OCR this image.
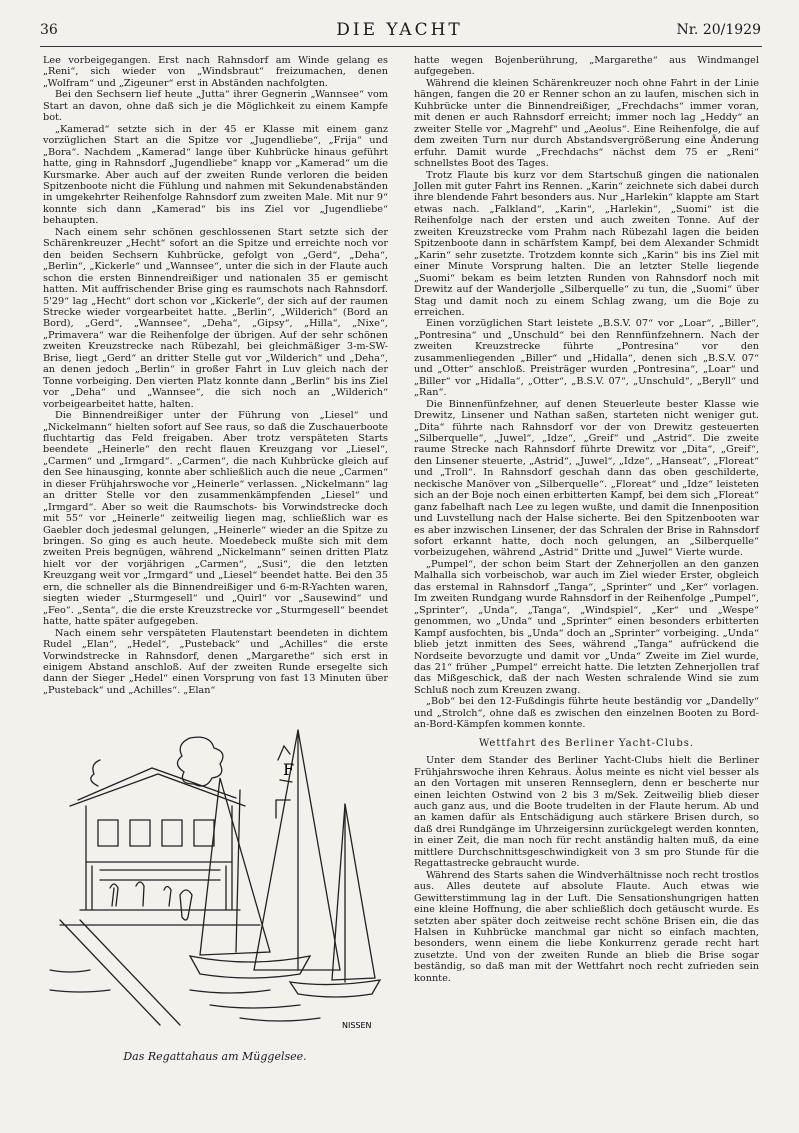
36	DIE YACHT	Nr. 20/1929

Lee vorbeigegangen. Erst nach Rahnsdorf am Winde gelang es „Reni“, sich wieder von „Windsbraut“ freizumachen, denen „Wolfram“ und „Zigeuner“ erst in Abständen nachfolgten.

Bei den Sechsern lief heute „Jutta“ ihrer Gegnerin „Wannsee“ vom Start an davon, ohne daß sich je die Möglichkeit zu einem Kampfe bot.

„Kamerad“ setzte sich in der 45 er Klasse mit einem ganz vorzüglichen Start an die Spitze vor „Jugendliebe“, „Frija“ und „Bora“. Nachdem „Kamerad“ lange über Kuhbrücke hinaus geführt hatte, ging in Rahnsdorf „Jugendliebe“ knapp vor „Kamerad“ um die Kursmarke. Aber auch auf der zweiten Runde verloren die beiden Spitzenboote nicht die Fühlung und nahmen mit Sekundenabständen in umgekehrter Reihenfolge Rahnsdorf zum zweiten Male. Mit nur 9“ konnte sich dann „Kamerad“ bis ins Ziel vor „Jugendliebe“ behaupten.

Nach einem sehr schönen geschlossenen Start setzte sich der Schärenkreuzer „Hecht“ sofort an die Spitze und erreichte noch vor den beiden Sechsern Kuhbrücke, gefolgt von „Gerd“, „Deha“, „Berlin“, „Kickerle“ und „Wannsee“, unter die sich in der Flaute auch schon die ersten Binnendreißiger und nationalen 35 er gemischt hatten. Mit auffrischender Brise ging es raumschots nach Rahnsdorf. 5'29“ lag „Hecht“ dort schon vor „Kickerle“, der sich auf der raumen Strecke wieder vorgearbeitet hatte. „Berlin“, „Wilderich“ (Bord an Bord), „Gerd“, „Wannsee“, „Deha“, „Gipsy“, „Hilla“, „Nixe“, „Primavera“ war die Reihenfolge der übrigen. Auf der sehr schönen zweiten Kreuzstrecke nach Rübezahl, bei gleichmäßiger 3-m-SW-Brise, liegt „Gerd“ an dritter Stelle gut vor „Wilderich“ und „Deha“, an denen jedoch „Berlin“ in großer Fahrt in Luv gleich nach der Tonne vorbeiging. Den vierten Platz konnte dann „Berlin“ bis ins Ziel vor „Deha“ und „Wannsee“, die sich noch an „Wilderich“ vorbeigearbeitet hatte, halten.

Die Binnendreißiger unter der Führung von „Liesel“ und „Nickelmann“ hielten sofort auf See raus, so daß die Zuschauerboote fluchtartig das Feld freigaben. Aber trotz verspäteten Starts beendete „Heinerle“ den recht flauen Kreuzgang vor „Liesel“, „Carmen“ und „Irmgard“. „Carmen“, die nach Kuhbrücke gleich auf den See hinausging, konnte aber schließlich auch die neue „Carmen“ in dieser Frühjahrswoche vor „Heinerle“ verlassen. „Nickelmann“ lag an dritter Stelle vor den zusammenkämpfenden „Liesel“ und „Irmgard“. Aber so weit die Raumschots- bis Vorwindstrecke doch mit 55“ vor „Heinerle“ zeitweilig liegen mag, schließlich war es Gaebler doch jedesmal gelungen, „Heinerle“ wieder an die Spitze zu bringen. So ging es auch heute. Moedebeck mußte sich mit dem zweiten Preis begnügen, während „Nickelmann“ seinen dritten Platz hielt vor der vorjährigen „Carmen“, „Susi“, die den letzten Kreuzgang weit vor „Irmgard“ und „Liesel“ beendet hatte. Bei den 35 ern, die schneller als die Binnendreißiger und 6-m-R-Yachten waren, siegten wieder „Sturmgesell“ und „Quirl“ vor „Sausewind“ und „Feo“. „Senta“, die die erste Kreuzstrecke vor „Sturmgesell“ beendet hatte, hatte später aufgegeben.

Nach einem sehr verspäteten Flautenstart beendeten in dichtem Rudel „Elan“, „Hedel“, „Pusteback“ und „Achilles“ die erste Vorwindstrecke in Rahnsdorf, denen „Margarethe“ sich erst in einigem Abstand anschloß. Auf der zweiten Runde ersegelte sich dann der Sieger „Hedel“ einen Vorsprung von fast 13 Minuten über „Pusteback“ und „Achilles“. „Elan“

NISSEN
F
Das Regattahaus am Müggelsee.

hatte wegen Bojenberührung, „Margarethe“ aus Windmangel aufgegeben.

Während die kleinen Schärenkreuzer noch ohne Fahrt in der Linie hängen, fangen die 20 er Renner schon an zu laufen, mischen sich in Kuhbrücke unter die Binnendreißiger, „Frechdachs“ immer voran, mit denen er auch Rahnsdorf erreicht; immer noch lag „Heddy“ an zweiter Stelle vor „Magrehf“ und „Aeolus“. Eine Reihenfolge, die auf dem zweiten Turn nur durch Abstandsvergrößerung eine Änderung erfuhr. Damit wurde „Frechdachs“ nächst dem 75 er „Reni“ schnellstes Boot des Tages.

Trotz Flaute bis kurz vor dem Startschuß gingen die nationalen Jollen mit guter Fahrt ins Rennen. „Karin“ zeichnete sich dabei durch ihre blendende Fahrt besonders aus. Nur „Harlekin“ klappte am Start etwas nach. „Falkland“, „Karin“, „Harlekin“, „Suomi“ ist die Reihenfolge nach der ersten und auch zweiten Tonne. Auf der zweiten Kreuzstrecke vom Prahm nach Rübezahl lagen die beiden Spitzenboote dann in schärfstem Kampf, bei dem Alexander Schmidt „Karin“ sehr zusetzte. Trotzdem konnte sich „Karin“ bis ins Ziel mit einer Minute Vorsprung halten. Die an letzter Stelle liegende „Suomi“ bekam es beim letzten Runden von Rahnsdorf noch mit Drewitz auf der Wanderjolle „Silberquelle“ zu tun, die „Suomi“ über Stag und damit noch zu einem Schlag zwang, um die Boje zu erreichen.

Einen vorzüglichen Start leistete „B.S.V. 07“ vor „Loar“, „Biller“, „Pontresina“ und „Unschuld“ bei den Rennfünfzehnern. Nach der zweiten Kreuzstrecke führte „Pontresina“ vor den zusammenliegenden „Biller“ und „Hidalla“, denen sich „B.S.V. 07“ und „Otter“ anschloß. Preisträger wurden „Pontresina“, „Loar“ und „Biller“ vor „Hidalla“, „Otter“, „B.S.V. 07“, „Unschuld“, „Beryll“ und „Ran“.

Die Binnenfünfzehner, auf denen Steuerleute bester Klasse wie Drewitz, Linsener und Nathan saßen, starteten nicht weniger gut. „Dita“ führte nach Rahnsdorf vor der von Drewitz gesteuerten „Silberquelle“, „Juwel“, „Idze“, „Greif“ und „Astrid“. Die zweite raume Strecke nach Rahnsdorf führte Drewitz vor „Dita“, „Greif“, den Linsener steuerte, „Astrid“, „Juwel“, „Idze“, „Hanseat“, „Floreat“ und „Troll“. In Rahnsdorf geschah dann das oben geschilderte, neckische Manöver von „Silberquelle“. „Floreat“ und „Idze“ leisteten sich an der Boje noch einen erbitterten Kampf, bei dem sich „Floreat“ ganz fabelhaft nach Lee zu legen wußte, und damit die Innenposition und Luvstellung nach der Halse sicherte. Bei den Spitzenbooten war es aber inzwischen Linsener, der das Schralen der Brise in Rahnsdorf sofort erkannt hatte, doch noch gelungen, an „Silberquelle“ vorbeizugehen, während „Astrid“ Dritte und „Juwel“ Vierte wurde.

„Pumpel“, der schon beim Start der Zehnerjollen an den ganzen Malhalla sich vorbeischob, war auch im Ziel wieder Erster, obgleich das erstemal in Rahnsdorf „Tanga“, „Sprinter“ und „Ker“ vorlagen. Im zweiten Rundgang wurde Rahnsdorf in der Reihenfolge „Pumpel“, „Sprinter“, „Unda“, „Tanga“, „Windspiel“, „Ker“ und „Wespe“ genommen, wo „Unda“ und „Sprinter“ einen besonders erbitterten Kampf ausfochten, bis „Unda“ doch an „Sprinter“ vorbeiging. „Unda“ blieb jetzt inmitten des Sees, während „Tanga“ aufrückend die Nordseite bevorzugte und damit vor „Unda“ Zweite im Ziel wurde, das 21“ früher „Pumpel“ erreicht hatte. Die letzten Zehnerjollen traf das Mißgeschick, daß der nach Westen schralende Wind sie zum Schluß noch zum Kreuzen zwang.

„Bob“ bei den 12-Fußdingis führte heute beständig vor „Dandelly“ und „Strolch“, ohne daß es zwischen den einzelnen Booten zu Bord-an-Bord-Kämpfen kommen konnte.

Wettfahrt des Berliner Yacht-Clubs.

Unter dem Stander des Berliner Yacht-Clubs hielt die Berliner Frühjahrswoche ihren Kehraus. Äolus meinte es nicht viel besser als an den Vortagen mit unseren Rennseglern, denn er bescherte nur einen leichten Ostwind von 2 bis 3 m/Sek. Zeitweilig blieb dieser auch ganz aus, und die Boote trudelten in der Flaute herum. Ab und an kamen dafür als Entschädigung auch stärkere Brisen durch, so daß drei Rundgänge im Uhrzeigersinn zurückgelegt werden konnten, in einer Zeit, die man noch für recht anständig halten muß, da eine mittlere Durchschnittsgeschwindigkeit von 3 sm pro Stunde für die Regattastrecke gebraucht wurde.

Während des Starts sahen die Windverhältnisse noch recht trostlos aus. Alles deutete auf absolute Flaute. Auch etwas wie Gewitterstimmung lag in der Luft. Die Sensationshungrigen hatten eine kleine Hoffnung, die aber schließlich doch getäuscht wurde. Es setzten aber später doch zeitweise recht schöne Brisen ein, die das Halsen in Kuhbrücke manchmal gar nicht so einfach machten, besonders, wenn einem die liebe Konkurrenz gerade recht hart zusetzte. Und von der zweiten Runde an blieb die Brise sogar beständig, so daß man mit der Wettfahrt noch recht zufrieden sein konnte.
